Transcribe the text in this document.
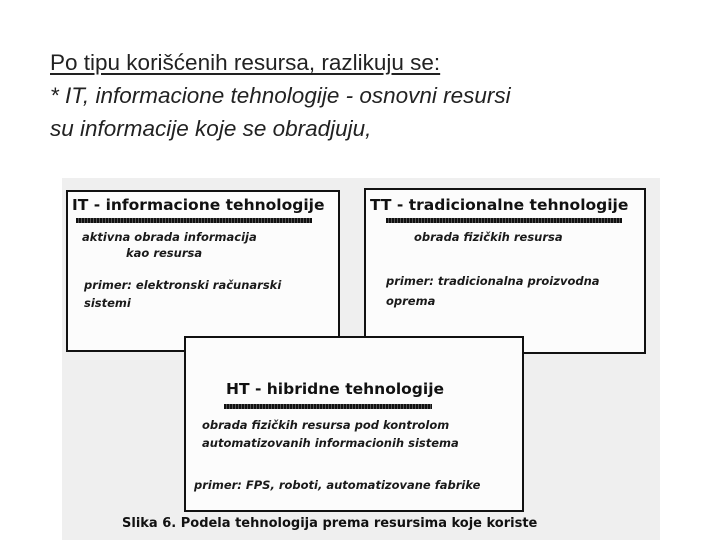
Po tipu korišćenih resursa, razlikuju se:
* IT, informacione tehnologije - osnovni resursi
su informacije koje se obradjuju,
IT - informacione tehnologije
aktivna obrada informacija
kao resursa
primer: elektronski računarski
sistemi
TT - tradicionalne tehnologije
obrada fizičkih resursa
primer: tradicionalna proizvodna
oprema
HT - hibridne tehnologije
obrada fizičkih resursa pod kontrolom
automatizovanih informacionih sistema
primer: FPS, roboti, automatizovane fabrike
Slika 6. Podela tehnologija prema resursima koje koriste
